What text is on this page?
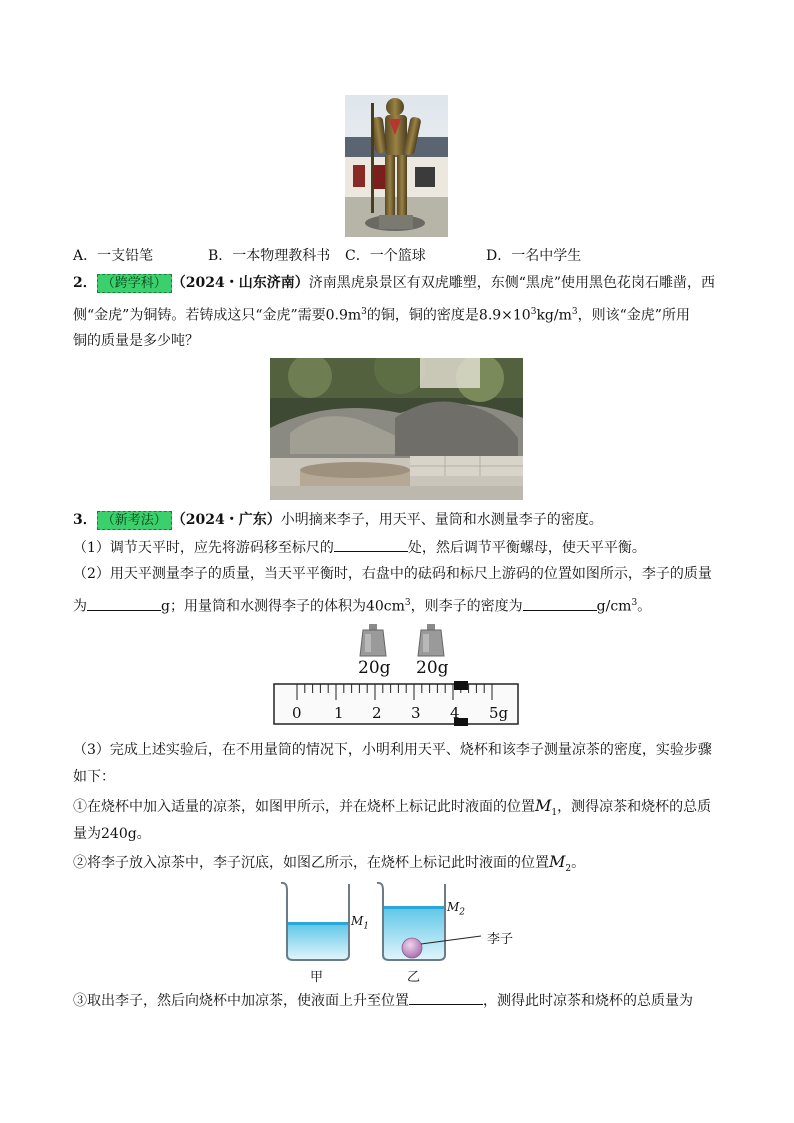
A．一支铅笔	B．一本物理教科书 C．一个篮球	D．一名中学生
2． （跨学科） （2024・山东济南）济南黑虎泉景区有双虎雕塑，东侧“黑虎”使用黑色花岗石雕凿，西
侧“金虎”为铜铸。若铸成这只“金虎”需要$0.9m^3$的铜，铜的密度是$8.9\times 10^3kg/m^3$，则该“金虎”所用
铜的质量是多少吨？
3． （新考法） （2024・广东）小明摘来李子，用天平、量筒和水测量李子的密度。
（1）调节天平时，应先将游码移至标尺的	处，然后调节平衡螺母，使天平平衡。
（2）用天平测量李子的质量，当天平平衡时，右盘中的砝码和标尺上游码的位置如图所示，李子的质量
为	g；用量筒和水测得李子的体积为$40cm^3$，则李子的密度为	$g/cm^3$。
20g 20g
0 1 2 3 4 5g
（3）完成上述实验后，在不用量筒的情况下，小明利用天平、烧杯和该李子测量凉茶的密度，实验步骤
如下：
①在烧杯中加入适量的凉茶，如图甲所示，并在烧杯上标记此时液面的位置$M_1$，测得凉茶和烧杯的总质
量为240g。
②将李子放入凉茶中，李子沉底，如图乙所示，在烧杯上标记此时液面的位置$M_2$。
$M_1$
$M_2$
李子
甲	乙
③取出李子，然后向烧杯中加凉茶，使液面上升至位置	，测得此时凉茶和烧杯的总质量为
